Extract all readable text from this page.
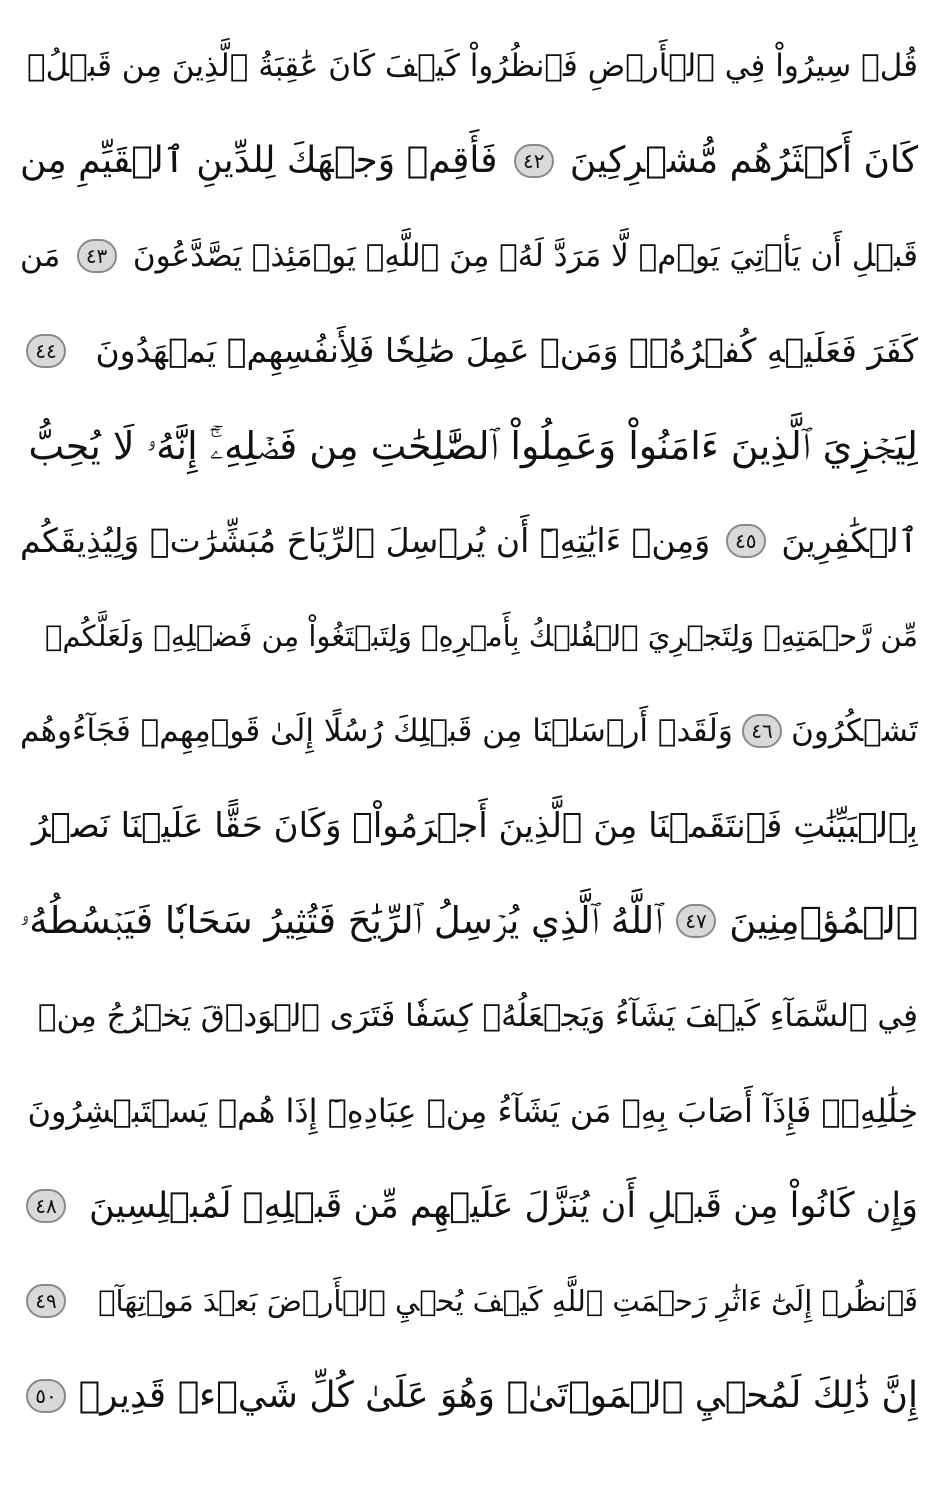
قُلۡ سِيرُواْ فِي ٱلۡأَرۡضِ فَٱنظُرُواْ كَيۡفَ كَانَ عَٰقِبَةُ ٱلَّذِينَ مِن قَبۡلُۚ
كَانَ أَكۡثَرُهُم مُّشۡرِكِينَ
٤٢
فَأَقِمۡ وَجۡهَكَ لِلدِّينِ ٱلۡقَيِّمِ مِن
قَبۡلِ أَن يَأۡتِيَ يَوۡمٞ لَّا مَرَدَّ لَهُۥ مِنَ ٱللَّهِۖ يَوۡمَئِذٖ يَصَّدَّعُونَ
٤٣
مَن
كَفَرَ فَعَلَيۡهِ كُفۡرُهُۥۖ وَمَنۡ عَمِلَ صَٰلِحٗا فَلِأَنفُسِهِمۡ يَمۡهَدُونَ
٤٤
لِيَجۡزِيَ ٱلَّذِينَ ءَامَنُواْ وَعَمِلُواْ ٱلصَّٰلِحَٰتِ مِن فَضۡلِهِۦٓۚ إِنَّهُۥ لَا يُحِبُّ
ٱلۡكَٰفِرِينَ
٤٥
وَمِنۡ ءَايَٰتِهِۦٓ أَن يُرۡسِلَ ٱلرِّيَاحَ مُبَشِّرَٰتٖ وَلِيُذِيقَكُم
مِّن رَّحۡمَتِهِۦ وَلِتَجۡرِيَ ٱلۡفُلۡكُ بِأَمۡرِهِۦ وَلِتَبۡتَغُواْ مِن فَضۡلِهِۦ وَلَعَلَّكُمۡ
تَشۡكُرُونَ
٤٦
وَلَقَدۡ أَرۡسَلۡنَا مِن قَبۡلِكَ رُسُلًا إِلَىٰ قَوۡمِهِمۡ فَجَآءُوهُم
بِٱلۡبَيِّنَٰتِ فَٱنتَقَمۡنَا مِنَ ٱلَّذِينَ أَجۡرَمُواْۖ وَكَانَ حَقًّا عَلَيۡنَا نَصۡرُ
ٱلۡمُؤۡمِنِينَ
٤٧
ٱللَّهُ ٱلَّذِي يُرۡسِلُ ٱلرِّيَٰحَ فَتُثِيرُ سَحَابٗا فَيَبۡسُطُهُۥ
فِي ٱلسَّمَآءِ كَيۡفَ يَشَآءُ وَيَجۡعَلُهُۥ كِسَفٗا فَتَرَى ٱلۡوَدۡقَ يَخۡرُجُ مِنۡ
خِلَٰلِهِۦۖ فَإِذَآ أَصَابَ بِهِۦ مَن يَشَآءُ مِنۡ عِبَادِهِۦٓ إِذَا هُمۡ يَسۡتَبۡشِرُونَ
وَإِن كَانُواْ مِن قَبۡلِ أَن يُنَزَّلَ عَلَيۡهِم مِّن قَبۡلِهِۦ لَمُبۡلِسِينَ
٤٨
فَٱنظُرۡ إِلَىٰٓ ءَاثَٰرِ رَحۡمَتِ ٱللَّهِ كَيۡفَ يُحۡيِ ٱلۡأَرۡضَ بَعۡدَ مَوۡتِهَآۚ
٤٩
إِنَّ ذَٰلِكَ لَمُحۡيِ ٱلۡمَوۡتَىٰۖ وَهُوَ عَلَىٰ كُلِّ شَيۡءٖ قَدِيرٞ
٥٠
